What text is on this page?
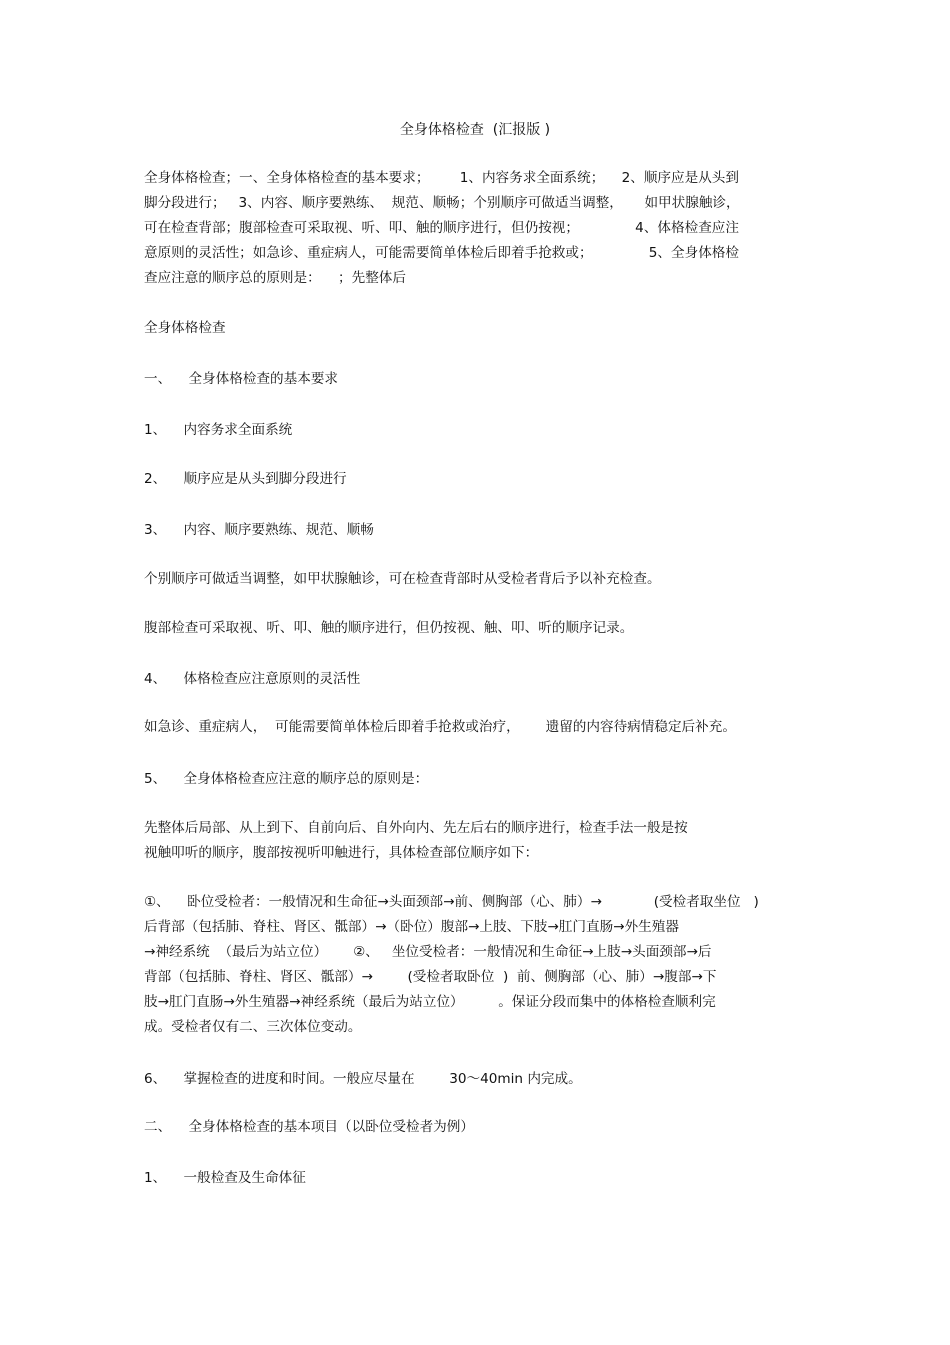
全身体格检查  (汇报版 )
全身体格检查；一、全身体格检查的基本要求；       1、内容务求全面系统；    2、顺序应是从头到
脚分段进行；   3、内容、顺序要熟练、  规范、顺畅；个别顺序可做适当调整，     如甲状腺触诊，
可在检查背部；腹部检查可采取视、听、叩、触的顺序进行，但仍按视；             4、体格检查应注
意原则的灵活性；如急诊、重症病人，可能需要简单体检后即着手抢救或；             5、全身体格检
查应注意的顺序总的原则是：    ；先整体后
全身体格检查
一、    全身体格检查的基本要求
1、    内容务求全面系统
2、    顺序应是从头到脚分段进行
3、    内容、顺序要熟练、规范、顺畅
个别顺序可做适当调整，如甲状腺触诊，可在检查背部时从受检者背后予以补充检查。
腹部检查可采取视、听、叩、触的顺序进行，但仍按视、触、叩、听的顺序记录。
4、    体格检查应注意原则的灵活性
如急诊、重症病人，  可能需要简单体检后即着手抢救或治疗，      遗留的内容待病情稳定后补充。
5、    全身体格检查应注意的顺序总的原则是：
先整体后局部、从上到下、自前向后、自外向内、先左后右的顺序进行，检查手法一般是按
视触叩听的顺序，腹部按视听叩触进行，具体检查部位顺序如下：
①、    卧位受检者：一般情况和生命征→头面颈部→前、侧胸部（心、肺）→            (受检者取坐位   )
后背部（包括肺、脊柱、肾区、骶部）→（卧位）腹部→上肢、下肢→肛门直肠→外生殖器
→神经系统  （最后为站立位）      ②、   坐位受检者：一般情况和生命征→上肢→头面颈部→后
背部（包括肺、脊柱、肾区、骶部）→        (受检者取卧位  )  前、侧胸部（心、肺）→腹部→下
肢→肛门直肠→外生殖器→神经系统（最后为站立位）        。保证分段而集中的体格检查顺利完
成。受检者仅有二、三次体位变动。
6、    掌握检查的进度和时间。一般应尽量在        30～40min 内完成。
二、    全身体格检查的基本项目（以卧位受检者为例）
1、    一般检查及生命体征
